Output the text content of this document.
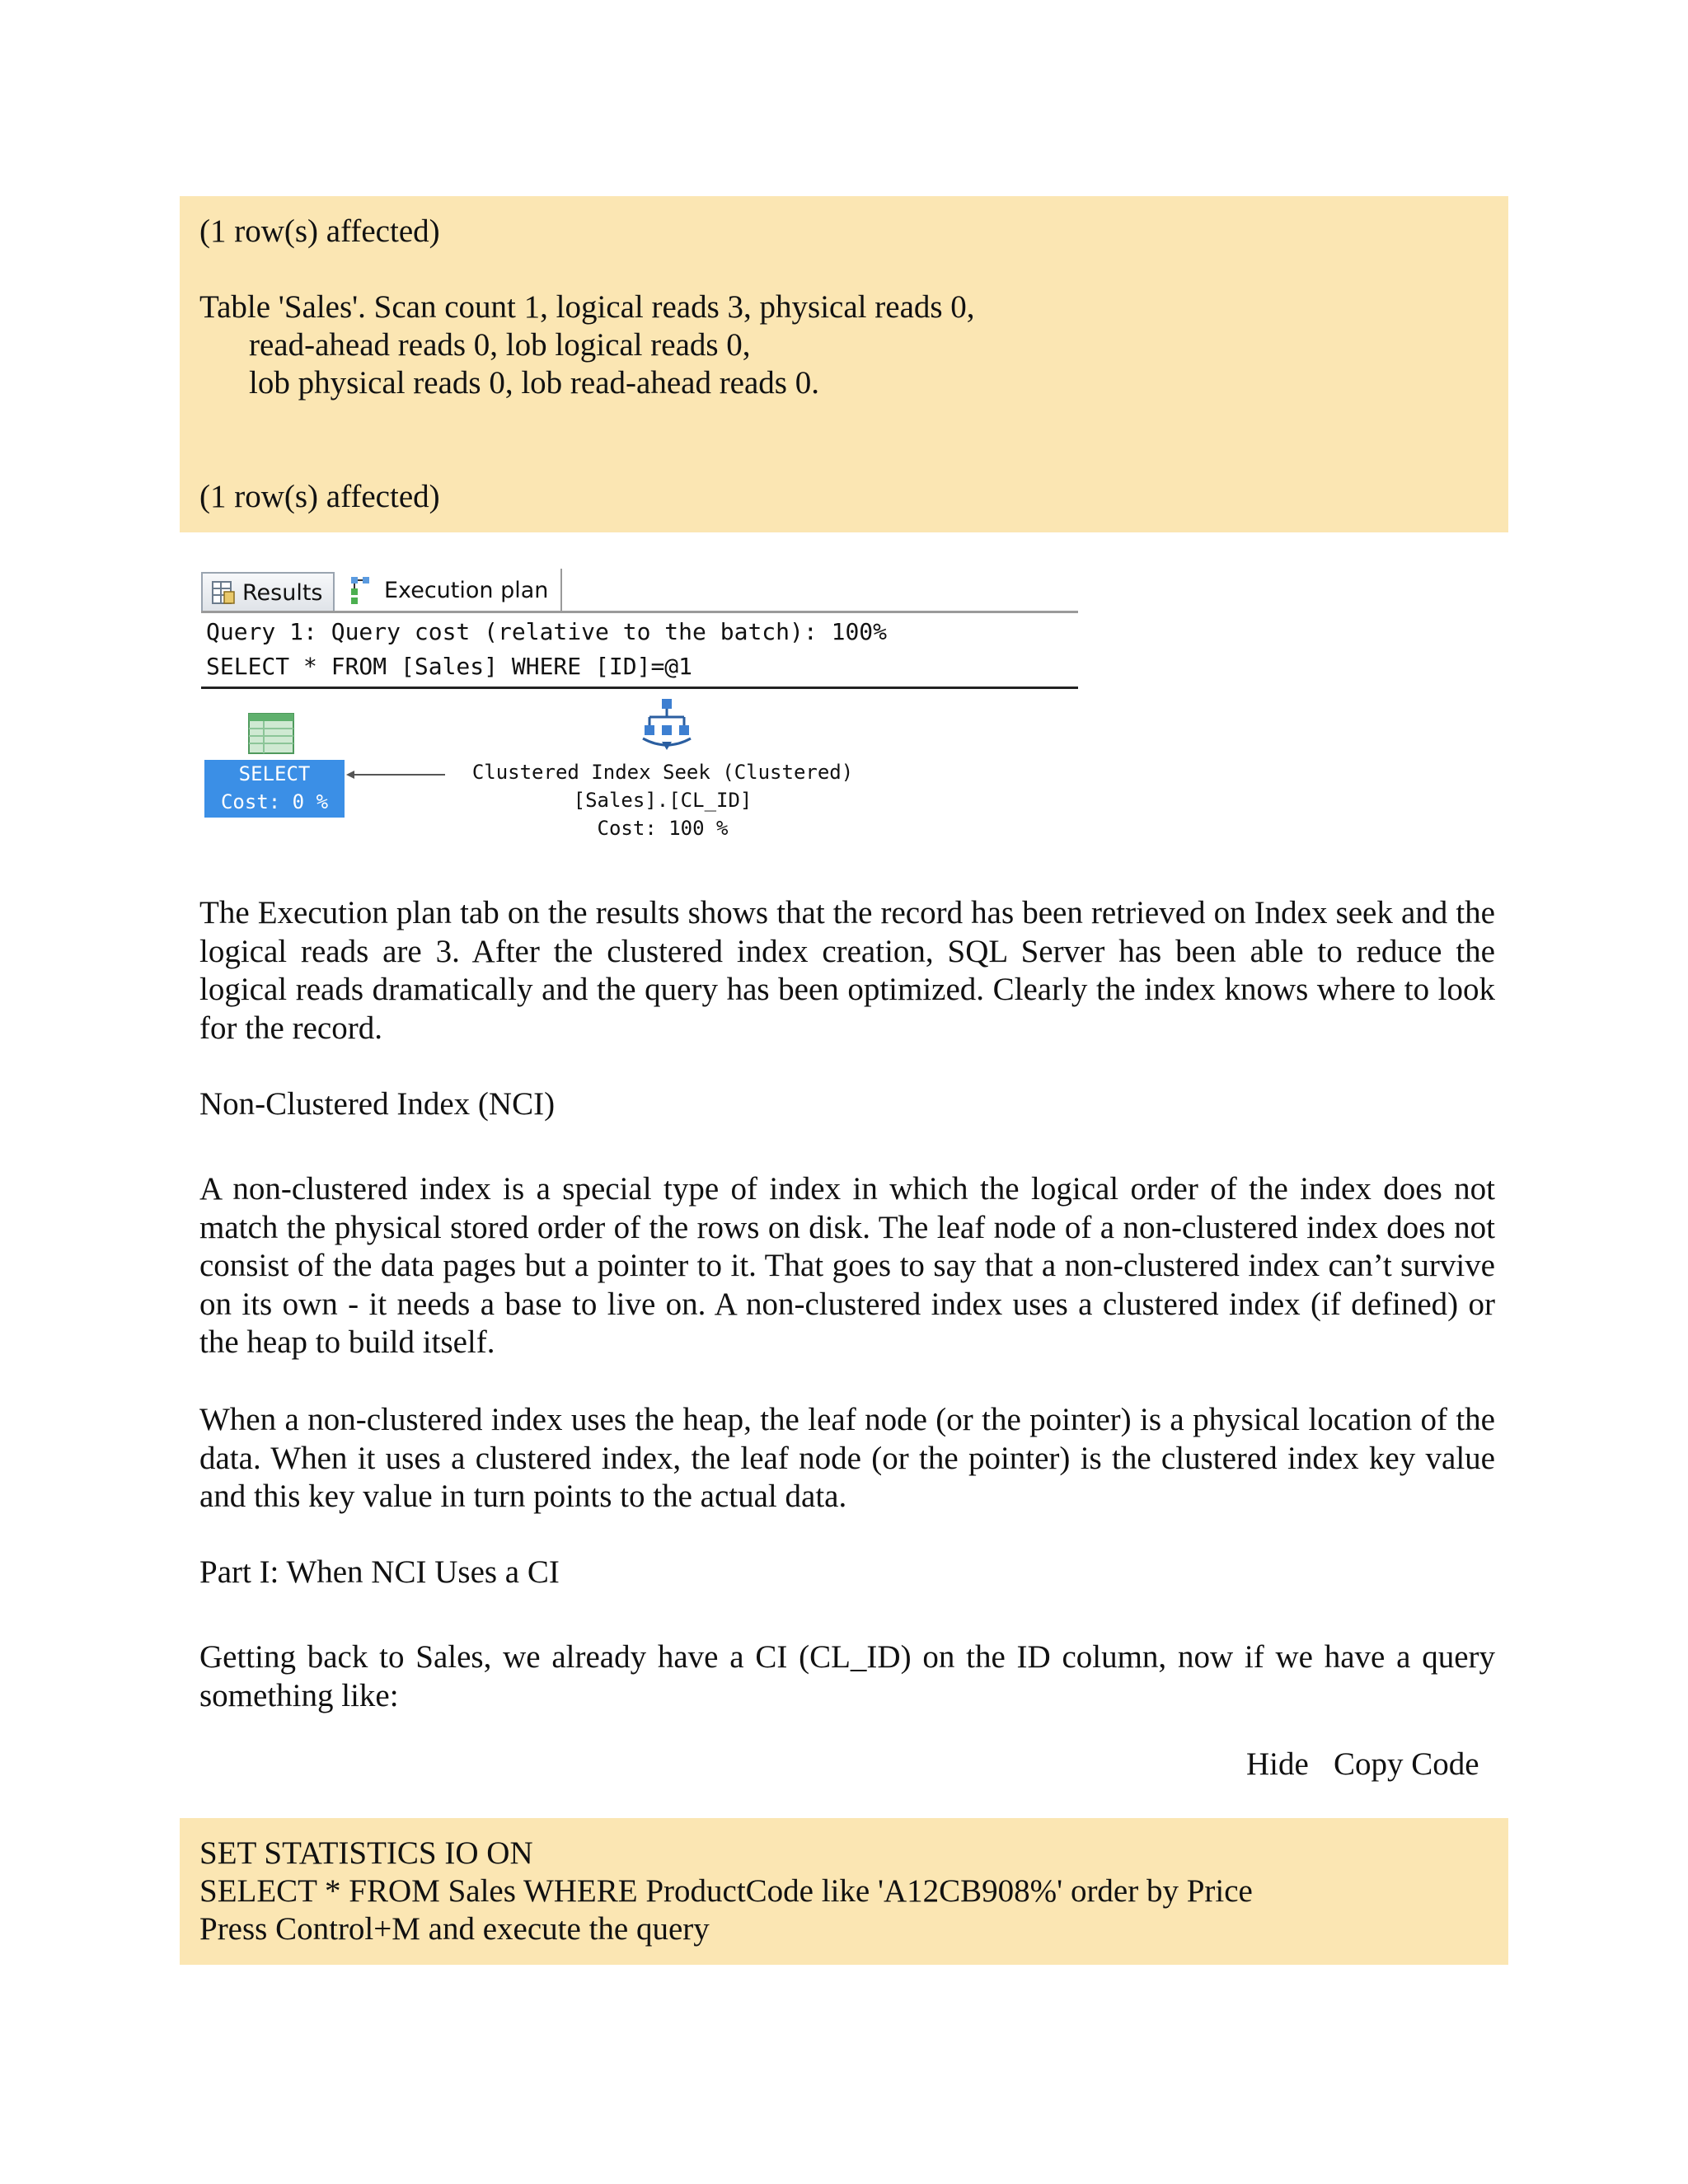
(1 row(s) affected)
Table 'Sales'. Scan count 1, logical reads 3, physical reads 0,
read-ahead reads 0, lob logical reads 0,
lob physical reads 0, lob read-ahead reads 0.
(1 row(s) affected)
Results	Execution plan
Query 1: Query cost (relative to the batch): 100%
SELECT * FROM [Sales] WHERE [ID]=@1
SELECT
Cost: 0 %
Clustered Index Seek (Clustered)
[Sales].[CL_ID]
Cost: 100 %
The Execution plan tab on the results shows that the record has been retrieved on Index seek and the logical reads are 3. After the clustered index creation, SQL Server has been able to reduce the logical reads dramatically and the query has been optimized. Clearly the index knows where to look for the record.
Non-Clustered Index (NCI)
A non-clustered index is a special type of index in which the logical order of the index does not match the physical stored order of the rows on disk. The leaf node of a non-clustered index does not consist of the data pages but a pointer to it. That goes to say that a non-clustered index can’t survive on its own - it needs a base to live on. A non-clustered index uses a clustered index (if defined) or the heap to build itself.
When a non-clustered index uses the heap, the leaf node (or the pointer) is a physical location of the data. When it uses a clustered index, the leaf node (or the pointer) is the clustered index key value and this key value in turn points to the actual data.
Part I: When NCI Uses a CI
Getting back to Sales, we already have a CI (CL_ID) on the ID column, now if we have a query something like:
Hide Copy Code
SET STATISTICS IO ON
SELECT * FROM Sales WHERE ProductCode like 'A12CB908%' order by Price
Press Control+M and execute the query
